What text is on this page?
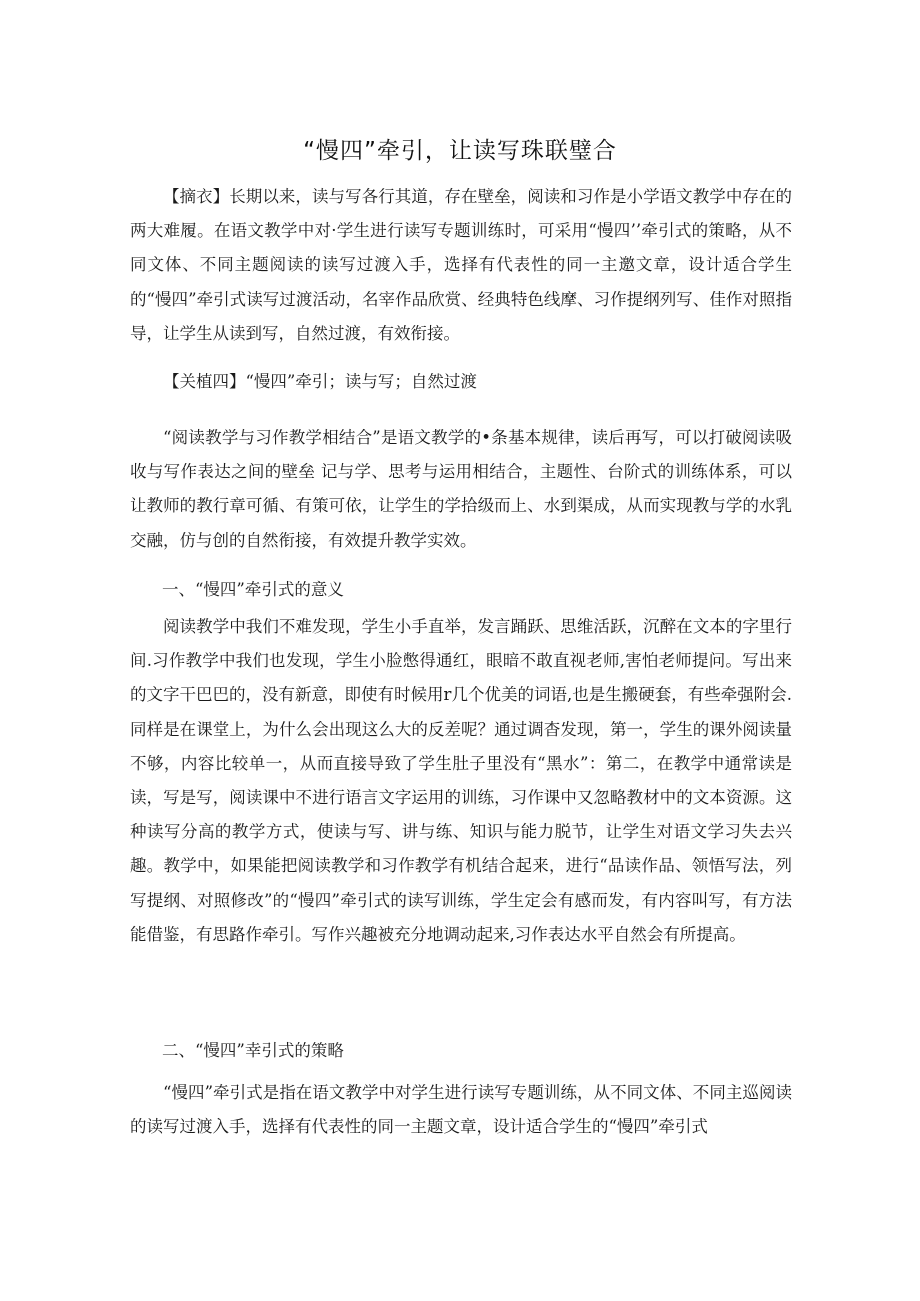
“慢四”牵引，让读写珠联璧合

【摘衣】长期以来，读与写各行其道，存在壁垒，阅读和习作是小学语文教学中存在的两大难履。在语文教学中对·学生进行读写专题训练时，可采用“慢四’’牵引式的策略，从不同文体、不同主题阅读的读写过渡入手，选择有代表性的同一主邀文章，设计适合学生的“慢四”牵引式读写过渡活动，名宰作品欣赏、经典特色线摩、习作提纲列写、佳作对照指导，让学生从读到写，自然过渡，有效衔接。

【关植四】“慢四”牵引；读与写；自然过渡

“阅读教学与习作教学相结合”是语文教学的•条基本规律，读后再写，可以打破阅读吸收与写作表达之间的壁垒 记与学、思考与运用相结合，主题性、台阶式的训练体系，可以让教师的教行章可循、有策可依，让学生的学拾级而上、水到渠成，从而实现教与学的水乳交融，仿与创的自然衔接，有效提升教学实效。

一、“慢四”牵引式的意义

阅读教学中我们不难发现，学生小手直举，发言踊跃、思维活跃，沉醉在文本的字里行间.习作教学中我们也发现，学生小脸憋得通红，眼暗不敢直视老师,害怕老师提问。写出来的文字干巴巴的，没有新意，即使有时候用r几个优美的词语,也是生搬硬套，有些牵强附会.同样是在课堂上，为什么会出现这么大的反差呢？通过调杳发现，第一，学生的课外阅读量不够，内容比较单一，从而直接导致了学生肚子里没有“黑水”：第二，在教学中通常读是读，写是写，阅读课中不进行语言文字运用的训练，习作课中又忽略教材中的文本资源。这种读写分高的教学方式，使读与写、讲与练、知识与能力脱节，让学生对语文学习失去兴趣。教学中，如果能把阅读教学和习作教学有机结合起来，进行“品读作品、领悟写法，列写提纲、对照修改”的“慢四”牵引式的读写训练，学生定会有感而发，有内容叫写，有方法能借鉴，有思路作牵引。写作兴趣被充分地调动起来,习作表达水平自然会有所提高。

二、“慢四”幸引式的策略

“慢四”牵引式是指在语文教学中对学生进行读写专题训练，从不同文体、不同主巡阅读的读写过渡入手，选择有代表性的同一主题文章，设计适合学生的“慢四”牵引式
